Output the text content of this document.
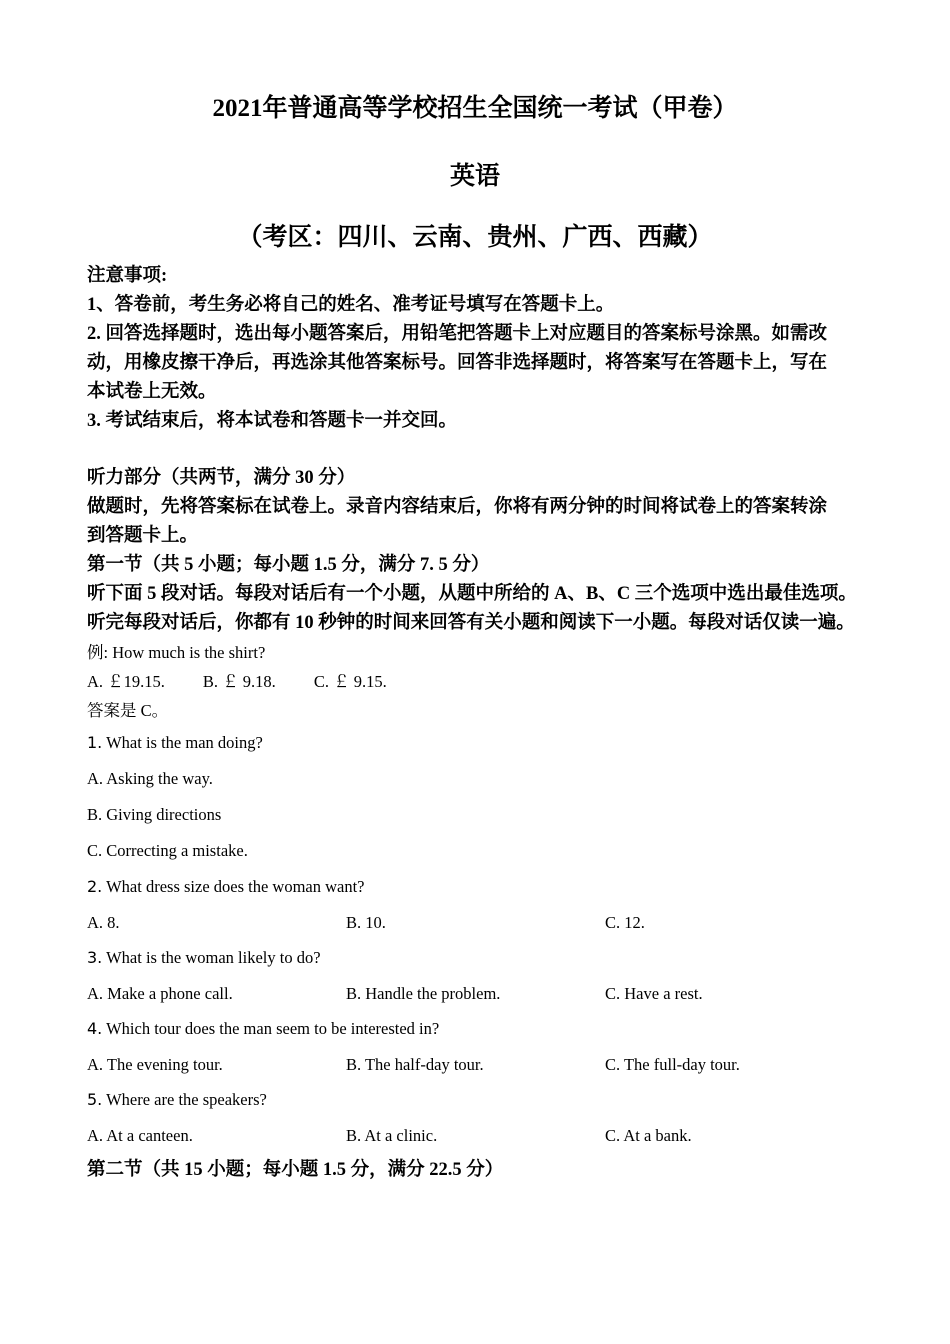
2021年普通高等学校招生全国统一考试（甲卷）
英语
（考区：四川、云南、贵州、广西、西藏）

注意事项:

1、答卷前，考生务必将自己的姓名、准考证号填写在答题卡上。

2. 回答选择题时，选出每小题答案后，用铅笔把答题卡上对应题目的答案标号涂黑。如需改

动，用橡皮擦干净后，再选涂其他答案标号。回答非选择题时，将答案写在答题卡上，写在

本试卷上无效。

3. 考试结束后，将本试卷和答题卡一并交回。

听力部分（共两节，满分 30 分）

做题时，先将答案标在试卷上。录音内容结束后，你将有两分钟的时间将试卷上的答案转涂

到答题卡上。

第一节（共 5 小题；每小题 1.5 分，满分 7. 5 分）

听下面 5 段对话。每段对话后有一个小题，从题中所给的 A、B、C 三个选项中选出最佳选项。

听完每段对话后，你都有 10 秒钟的时间来回答有关小题和阅读下一小题。每段对话仅读一遍。

例: How much is the shirt?

A. ￡19.15. B. ￡ 9.18. C. ￡ 9.15.

答案是 C。

1. What is the man doing?

A. Asking the way.

B. Giving directions

C. Correcting a mistake.

2. What dress size does the woman want?

A. 8.	B. 10.	C. 12.

3. What is the woman likely to do?

A. Make a phone call.	B. Handle the problem.	C. Have a rest.

4. Which tour does the man seem to be interested in?

A. The evening tour.	B. The half-day tour.	C. The full-day tour.

5. Where are the speakers?

A. At a canteen.	B. At a clinic.	C. At a bank.

第二节（共 15 小题；每小题 1.5 分，满分 22.5 分）
